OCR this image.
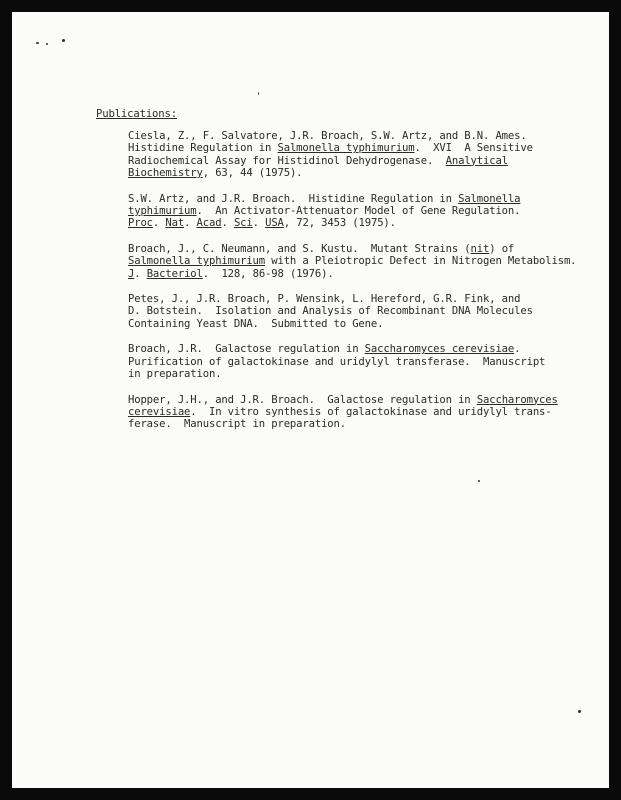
Publications:
Ciesla, Z., F. Salvatore, J.R. Broach, S.W. Artz, and B.N. Ames.
Histidine Regulation in Salmonella typhimurium.  XVI  A Sensitive
Radiochemical Assay for Histidinol Dehydrogenase.  Analytical
Biochemistry, 63, 44 (1975).
S.W. Artz, and J.R. Broach.  Histidine Regulation in Salmonella
typhimurium.  An Activator-Attenuator Model of Gene Regulation.
Proc. Nat. Acad. Sci. USA, 72, 3453 (1975).
Broach, J., C. Neumann, and S. Kustu.  Mutant Strains (nit) of
Salmonella typhimurium with a Pleiotropic Defect in Nitrogen Metabolism.
J. Bacteriol.  128, 86-98 (1976).
Petes, J., J.R. Broach, P. Wensink, L. Hereford, G.R. Fink, and
D. Botstein.  Isolation and Analysis of Recombinant DNA Molecules
Containing Yeast DNA.  Submitted to Gene.
Broach, J.R.  Galactose regulation in Saccharomyces cerevisiae.
Purification of galactokinase and uridylyl transferase.  Manuscript
in preparation.
Hopper, J.H., and J.R. Broach.  Galactose regulation in Saccharomyces
cerevisiae.  In vitro synthesis of galactokinase and uridylyl trans-
ferase.  Manuscript in preparation.
